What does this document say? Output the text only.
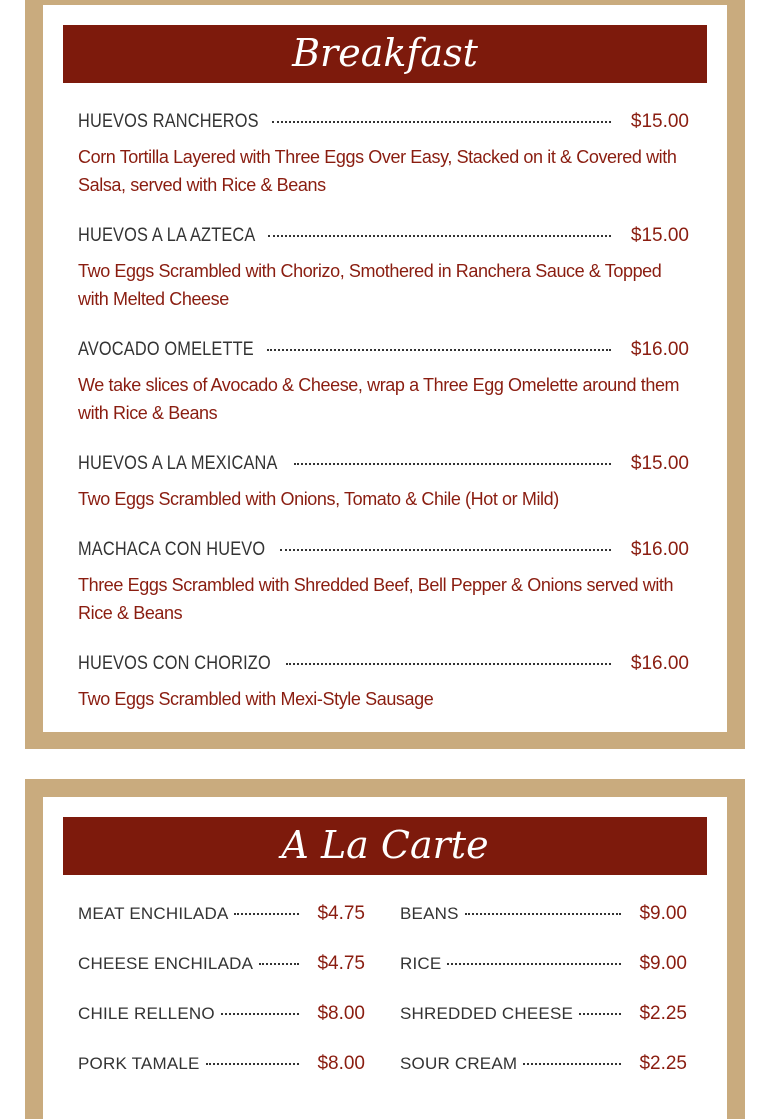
Breakfast
HUEVOS RANCHEROS	$15.00
Corn Tortilla Layered with Three Eggs Over Easy, Stacked on it & Covered with Salsa, served with Rice & Beans
HUEVOS A LA AZTECA	$15.00
Two Eggs Scrambled with Chorizo, Smothered in Ranchera Sauce & Topped with Melted Cheese
AVOCADO OMELETTE	$16.00
We take slices of Avocado & Cheese, wrap a Three Egg Omelette around them with Rice & Beans
HUEVOS A LA MEXICANA	$15.00
Two Eggs Scrambled with Onions, Tomato & Chile (Hot or Mild)
MACHACA CON HUEVO	$16.00
Three Eggs Scrambled with Shredded Beef, Bell Pepper & Onions served with Rice & Beans
HUEVOS CON CHORIZO	$16.00
Two Eggs Scrambled with Mexi-Style Sausage
A La Carte
MEAT ENCHILADA	$4.75
CHEESE ENCHILADA	$4.75
CHILE RELLENO	$8.00
PORK TAMALE	$8.00
BEANS	$9.00
RICE	$9.00
SHREDDED CHEESE	$2.25
SOUR CREAM	$2.25
